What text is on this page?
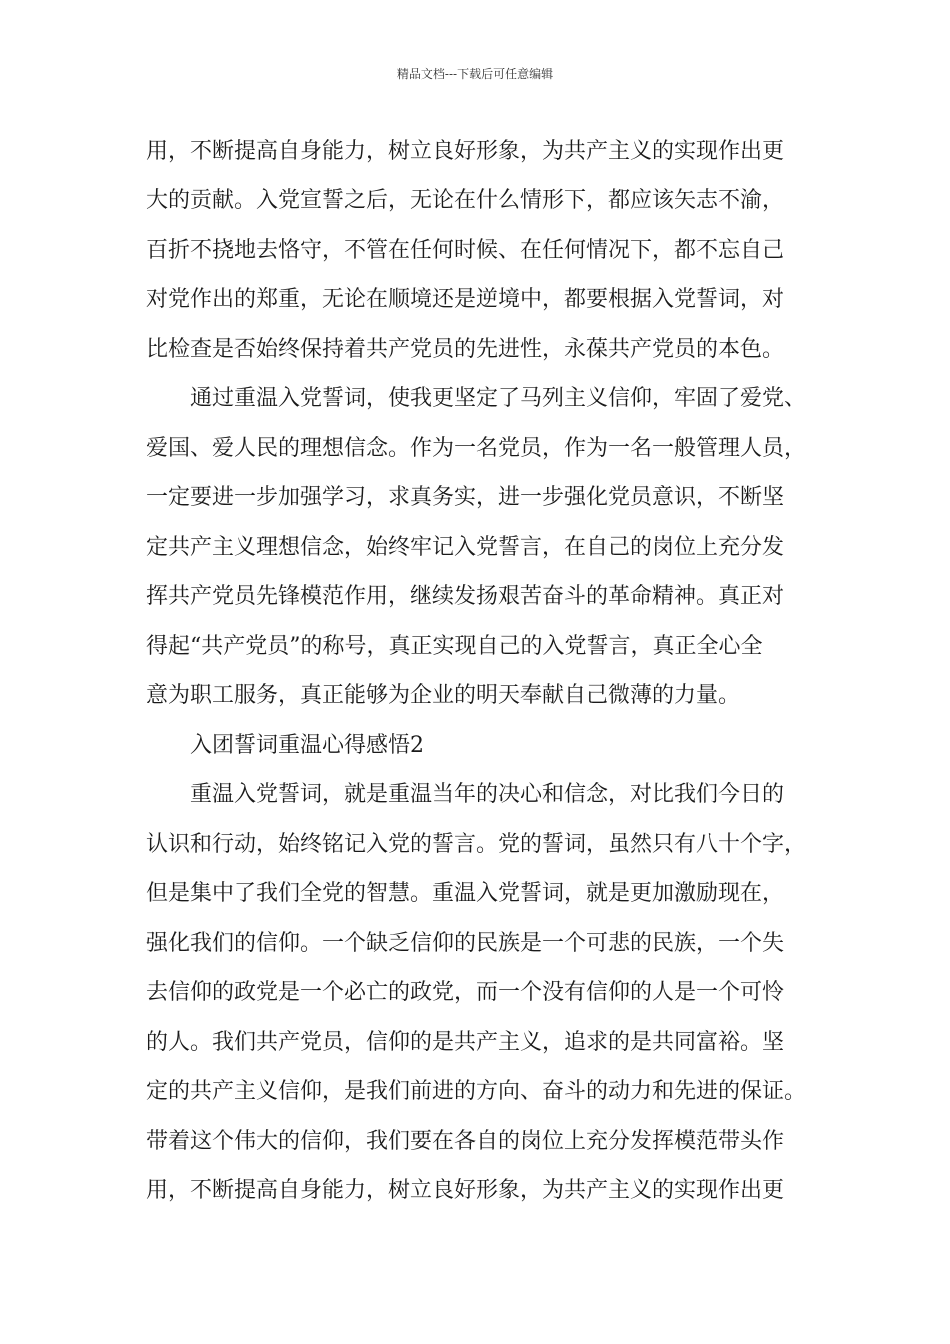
精品文档---下载后可任意编辑
用，不断提高自身能力，树立良好形象，为共产主义的实现作出更
大的贡献。入党宣誓之后，无论在什么情形下，都应该矢志不渝，
百折不挠地去恪守，不管在任何时候、在任何情况下，都不忘自己
对党作出的郑重，无论在顺境还是逆境中，都要根据入党誓词，对
比检查是否始终保持着共产党员的先进性，永葆共产党员的本色。
通过重温入党誓词，使我更坚定了马列主义信仰，牢固了爱党、
爱国、爱人民的理想信念。作为一名党员，作为一名一般管理人员，
一定要进一步加强学习，求真务实，进一步强化党员意识，不断坚
定共产主义理想信念，始终牢记入党誓言，在自己的岗位上充分发
挥共产党员先锋模范作用，继续发扬艰苦奋斗的革命精神。真正对
得起“共产党员”的称号，真正实现自己的入党誓言，真正全心全
意为职工服务，真正能够为企业的明天奉献自己微薄的力量。
入团誓词重温心得感悟2
重温入党誓词，就是重温当年的决心和信念，对比我们今日的
认识和行动，始终铭记入党的誓言。党的誓词，虽然只有八十个字，
但是集中了我们全党的智慧。重温入党誓词，就是更加激励现在，
强化我们的信仰。一个缺乏信仰的民族是一个可悲的民族，一个失
去信仰的政党是一个必亡的政党，而一个没有信仰的人是一个可怜
的人。我们共产党员，信仰的是共产主义，追求的是共同富裕。坚
定的共产主义信仰，是我们前进的方向、奋斗的动力和先进的保证。
带着这个伟大的信仰，我们要在各自的岗位上充分发挥模范带头作
用，不断提高自身能力，树立良好形象，为共产主义的实现作出更
